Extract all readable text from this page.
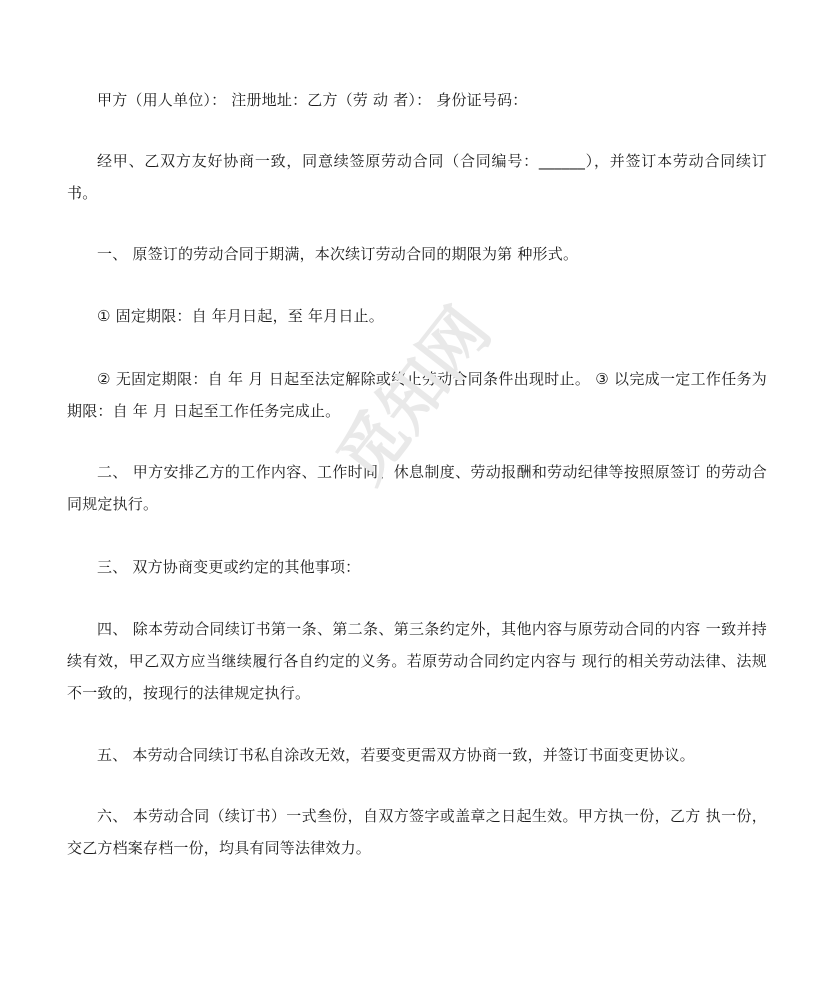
甲方（用人单位）： 注册地址：乙方（劳 动 者）： 身份证号码：

经甲、乙双方友好协商一致，同意续签原劳动合同（合同编号：______），并签订本劳动合同续订书。

一、 原签订的劳动合同于期满，本次续订劳动合同的期限为第 种形式。

① 固定期限：自 年月日起，至 年月日止。

② 无固定期限：自 年 月 日起至法定解除或终止劳动合同条件出现时止。 ③ 以完成一定工作任务为期限：自 年 月 日起至工作任务完成止。

二、 甲方安排乙方的工作内容、工作时间、休息制度、劳动报酬和劳动纪律等按照原签订 的劳动合同规定执行。

三、 双方协商变更或约定的其他事项：

四、 除本劳动合同续订书第一条、第二条、第三条约定外，其他内容与原劳动合同的内容 一致并持续有效，甲乙双方应当继续履行各自约定的义务。若原劳动合同约定内容与 现行的相关劳动法律、法规不一致的，按现行的法律规定执行。

五、 本劳动合同续订书私自涂改无效，若要变更需双方协商一致，并签订书面变更协议。

六、 本劳动合同（续订书）一式叁份，自双方签字或盖章之日起生效。甲方执一份，乙方 执一份，交乙方档案存档一份，均具有同等法律效力。

觅知网
